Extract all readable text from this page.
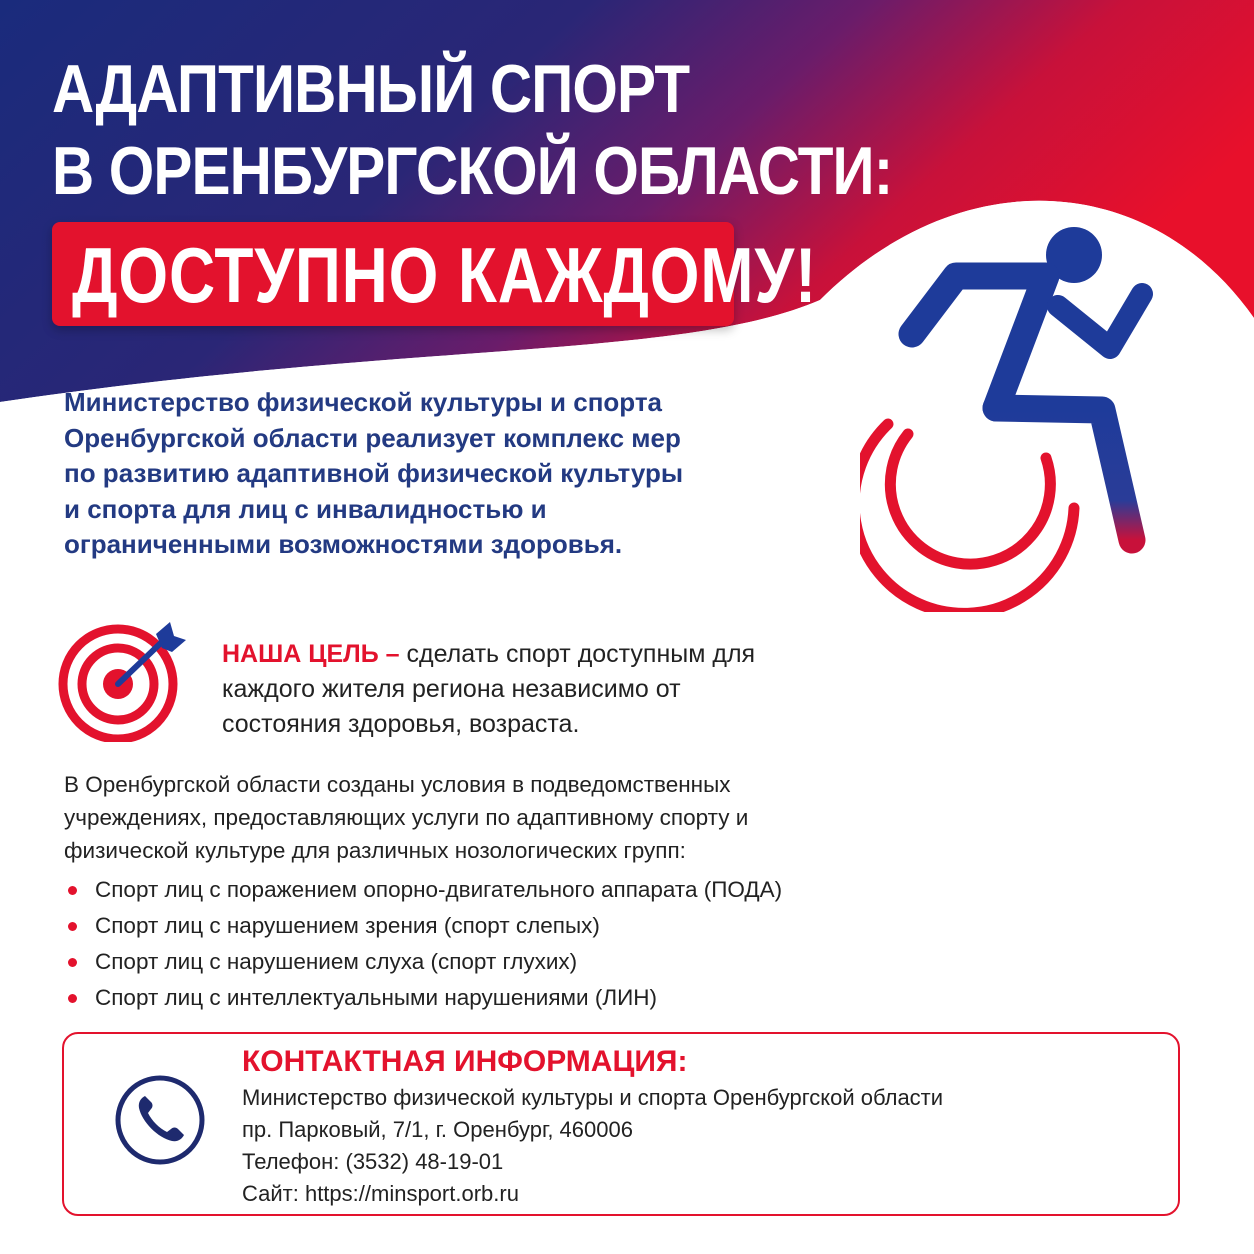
АДАПТИВНЫЙ СПОРТ
В ОРЕНБУРГСКОЙ ОБЛАСТИ:
ДОСТУПНО КАЖДОМУ!

Министерство физической культуры и спорта Оренбургской области реализует комплекс мер по развитию адаптивной физической культуры и спорта для лиц с инвалидностью и ограниченными возможностями здоровья.

НАША ЦЕЛЬ – сделать спорт доступным для каждого жителя региона независимо от состояния здоровья, возраста.

В Оренбургской области созданы условия в подведомственных учреждениях, предоставляющих услуги по адаптивному спорту и физической культуре для различных нозологических групп:

Спорт лиц с поражением опорно-двигательного аппарата (ПОДА)
Спорт лиц с нарушением зрения (спорт слепых)
Спорт лиц с нарушением слуха (спорт глухих)
Спорт лиц с интеллектуальными нарушениями (ЛИН)
КОНТАКТНАЯ ИНФОРМАЦИЯ:
Министерство физической культуры и спорта Оренбургской области
пр. Парковый, 7/1, г. Оренбург, 460006
Телефон: (3532) 48-19-01
Сайт: https://minsport.orb.ru
